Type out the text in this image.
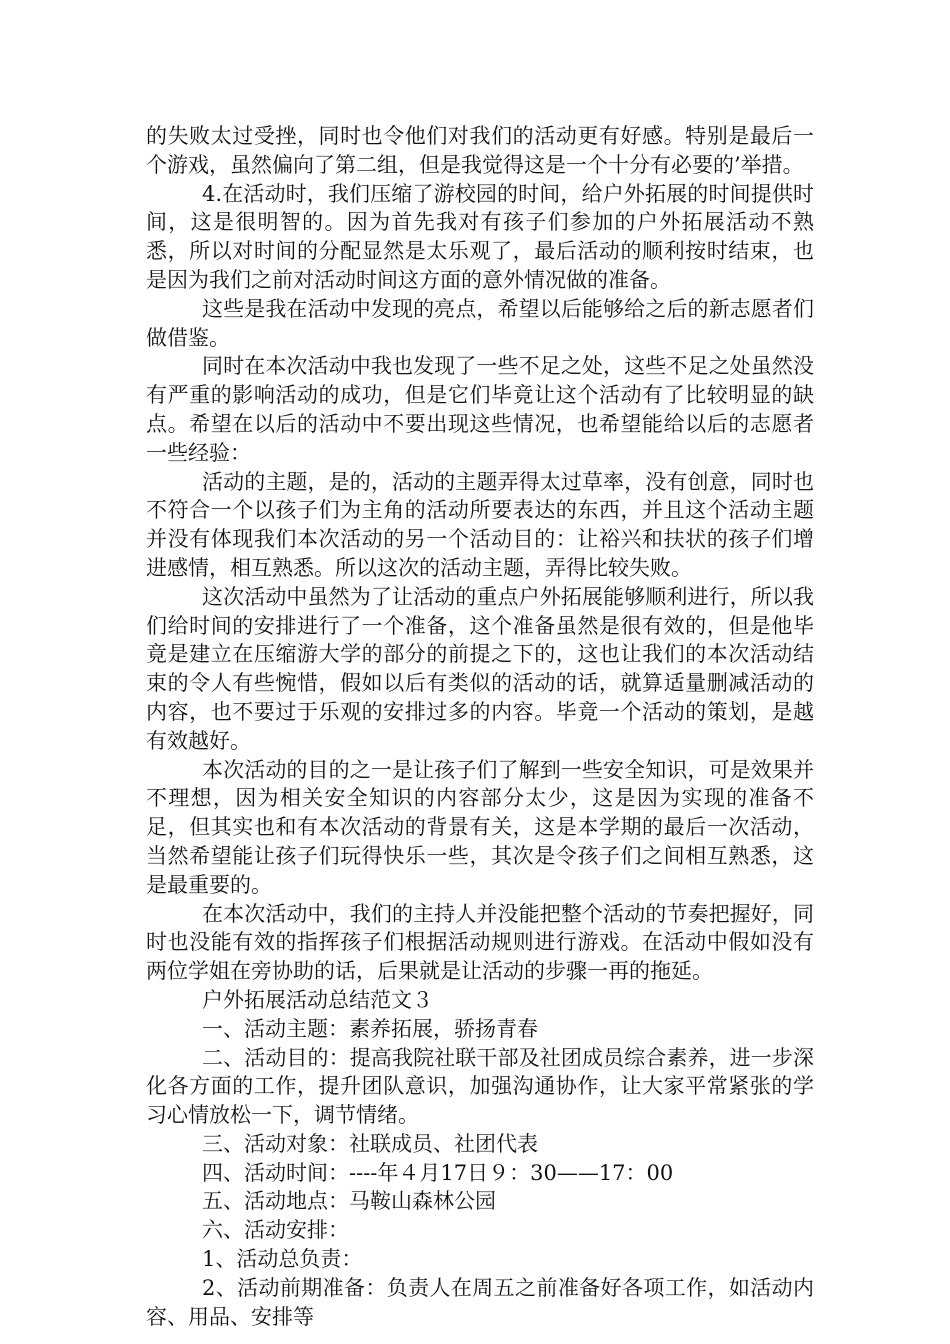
的失败太过受挫，同时也令他们对我们的活动更有好感。特别是最后一个游戏，虽然偏向了第二组，但是我觉得这是一个十分有必要的’举措。

4.在活动时，我们压缩了游校园的时间，给户外拓展的时间提供时间，这是很明智的。因为首先我对有孩子们参加的户外拓展活动不熟悉，所以对时间的分配显然是太乐观了，最后活动的顺利按时结束，也是因为我们之前对活动时间这方面的意外情况做的准备。

这些是我在活动中发现的亮点，希望以后能够给之后的新志愿者们做借鉴。

同时在本次活动中我也发现了一些不足之处，这些不足之处虽然没有严重的影响活动的成功，但是它们毕竟让这个活动有了比较明显的缺点。希望在以后的活动中不要出现这些情况，也希望能给以后的志愿者一些经验：

活动的主题，是的，活动的主题弄得太过草率，没有创意，同时也不符合一个以孩子们为主角的活动所要表达的东西，并且这个活动主题并没有体现我们本次活动的另一个活动目的：让裕兴和扶状的孩子们增进感情，相互熟悉。所以这次的活动主题，弄得比较失败。

这次活动中虽然为了让活动的重点户外拓展能够顺利进行，所以我们给时间的安排进行了一个准备，这个准备虽然是很有效的，但是他毕竟是建立在压缩游大学的部分的前提之下的，这也让我们的本次活动结束的令人有些惋惜，假如以后有类似的活动的话，就算适量删减活动的内容，也不要过于乐观的安排过多的内容。毕竟一个活动的策划，是越有效越好。

本次活动的目的之一是让孩子们了解到一些安全知识，可是效果并不理想，因为相关安全知识的内容部分太少，这是因为实现的准备不足，但其实也和有本次活动的背景有关，这是本学期的最后一次活动，当然希望能让孩子们玩得快乐一些，其次是令孩子们之间相互熟悉，这是最重要的。

在本次活动中，我们的主持人并没能把整个活动的节奏把握好，同时也没能有效的指挥孩子们根据活动规则进行游戏。在活动中假如没有两位学姐在旁协助的话，后果就是让活动的步骤一再的拖延。

户外拓展活动总结范文３

一、活动主题：素养拓展，骄扬青春

二、活动目的：提高我院社联干部及社团成员综合素养，进一步深化各方面的工作，提升团队意识，加强沟通协作，让大家平常紧张的学习心情放松一下，调节情绪。

三、活动对象：社联成员、社团代表

四、活动时间：----年４月17日９：30——17：00

五、活动地点：马鞍山森林公园

六、活动安排：

1、活动总负责：

2、活动前期准备：负责人在周五之前准备好各项工作，如活动内容、用品、安排等
